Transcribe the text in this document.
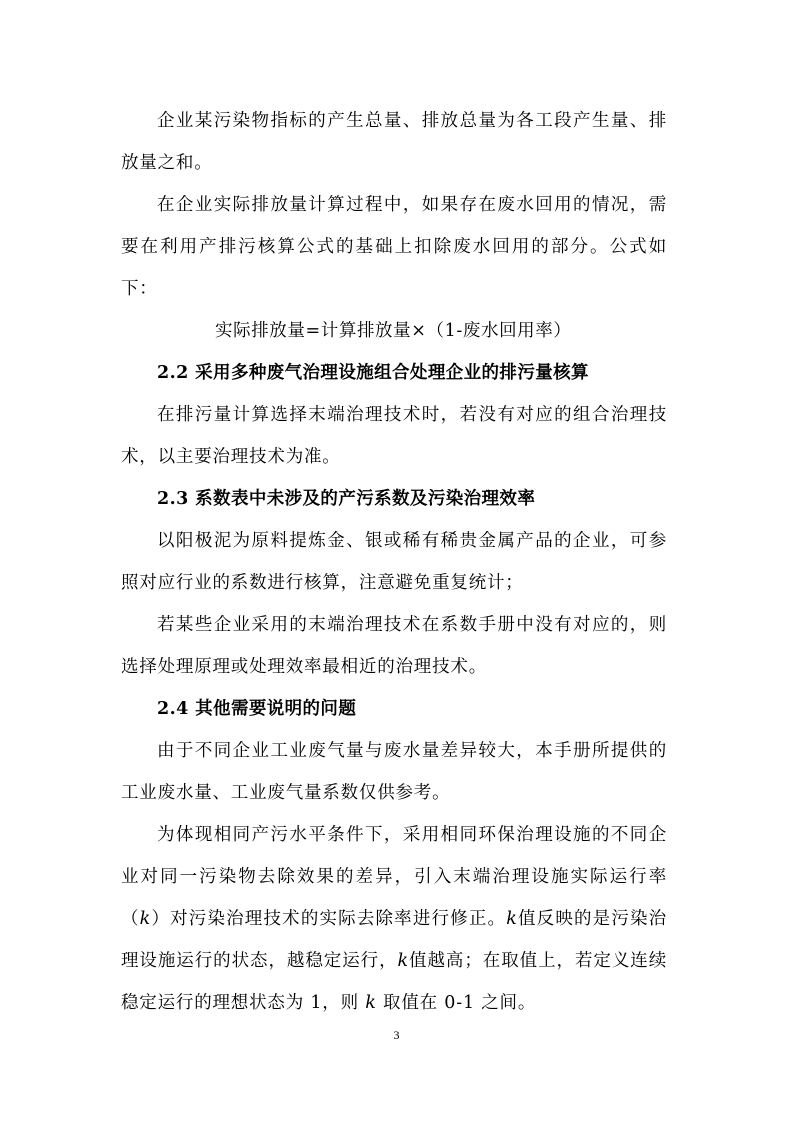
企业某污染物指标的产生总量、排放总量为各工段产生量、排放量之和。

在企业实际排放量计算过程中，如果存在废水回用的情况，需要在利用产排污核算公式的基础上扣除废水回用的部分。公式如下：

实际排放量=计算排放量×（1-废水回用率）

2.2 采用多种废气治理设施组合处理企业的排污量核算

在排污量计算选择末端治理技术时，若没有对应的组合治理技术，以主要治理技术为准。

2.3 系数表中未涉及的产污系数及污染治理效率

以阳极泥为原料提炼金、银或稀有稀贵金属产品的企业，可参照对应行业的系数进行核算，注意避免重复统计；

若某些企业采用的末端治理技术在系数手册中没有对应的，则选择处理原理或处理效率最相近的治理技术。

2.4 其他需要说明的问题

由于不同企业工业废气量与废水量差异较大，本手册所提供的工业废水量、工业废气量系数仅供参考。

为体现相同产污水平条件下，采用相同环保治理设施的不同企业对同一污染物去除效果的差异，引入末端治理设施实际运行率（k）对污染治理技术的实际去除率进行修正。k值反映的是污染治理设施运行的状态，越稳定运行，k值越高；在取值上，若定义连续稳定运行的理想状态为 1，则 k 取值在 0-1 之间。

3
